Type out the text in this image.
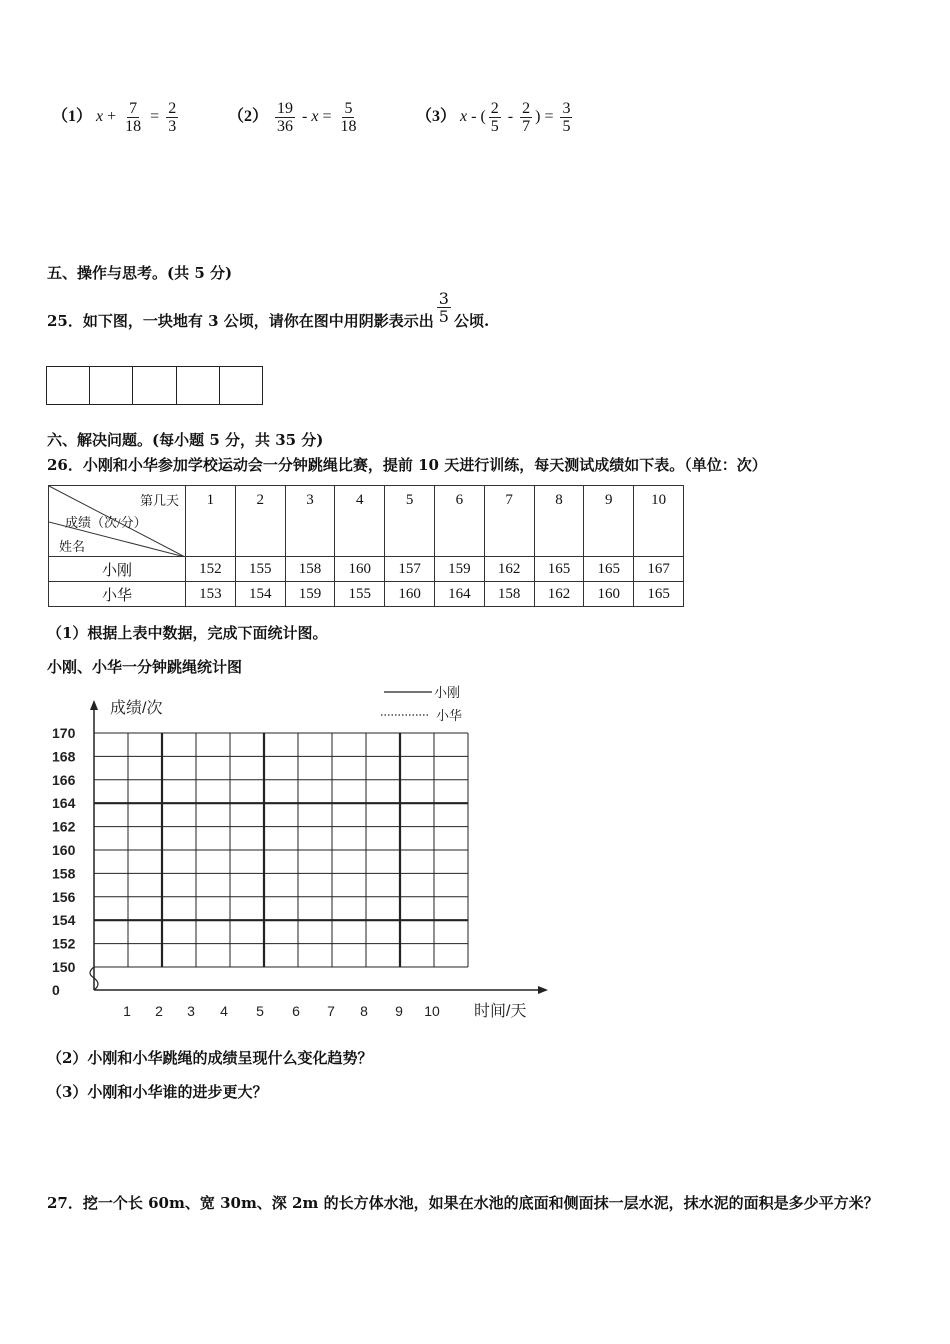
（1） $x + \frac{7}{18} = \frac{2}{3}$	$(2) \frac{19}{36} - x = \frac{5}{18}$	（3） x - ( $\frac{2}{5} - \frac{2}{7}$ ) = $\frac{3}{5}$
五、操作与思考。(共 5 分)
25．如下图，一块地有 3 公顷，请你在图中用阴影表示出 $\frac{3}{5}$ 公顷.
六、解决问题。(每小题 5 分，共 35 分)
26．小刚和小华参加学校运动会一分钟跳绳比赛，提前 10 天进行训练，每天测试成绩如下表。（单位：次）
第几天
成绩（次/分）
姓名	1	2	3	4	5	6	7	8	9	10
小刚	152	155	158	160	157	159	162	165	165	167
小华	153	154	159	155	160	164	158	162	160	165
（1）根据上表中数据，完成下面统计图。
小刚、小华一分钟跳绳统计图
170
168
166
164
162
160
158
156
154
152
150
0
1 2 3 4 5 6 7 8 9 10
成绩/次
时间/天
小刚
小华
（2）小刚和小华跳绳的成绩呈现什么变化趋势？
（3）小刚和小华谁的进步更大？
27．挖一个长 60m、宽 30m、深 2m 的长方体水池，如果在水池的底面和侧面抹一层水泥，抹水泥的面积是多少平方米？
